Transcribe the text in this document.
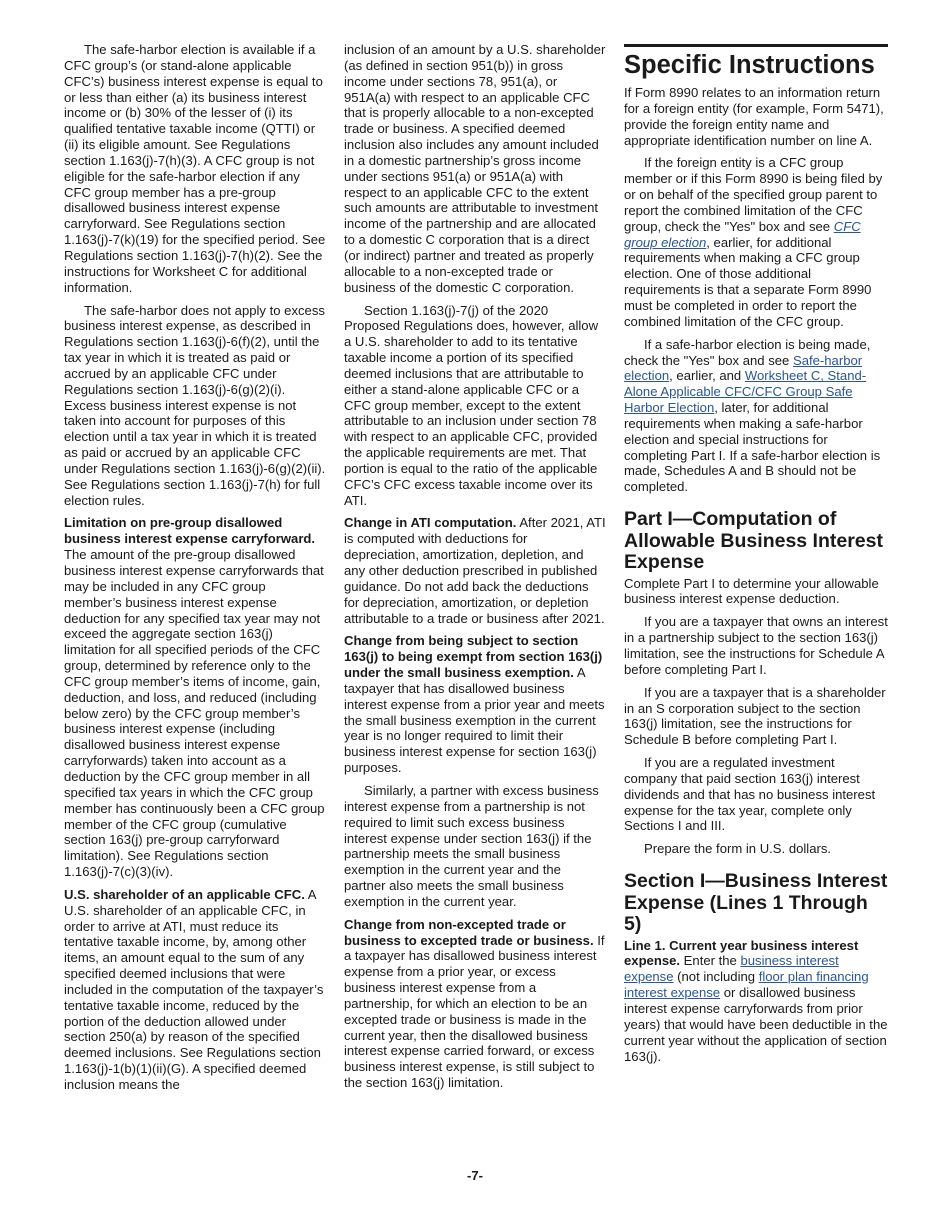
The safe-harbor election is available if a CFC group’s (or stand-alone applicable CFC’s) business interest expense is equal to or less than either (a) its business interest income or (b) 30% of the lesser of (i) its qualified tentative taxable income (QTTI) or (ii) its eligible amount. See Regulations section 1.163(j)-7(h)(3). A CFC group is not eligible for the safe-harbor election if any CFC group member has a pre-group disallowed business interest expense carryforward. See Regulations section 1.163(j)-7(k)(19) for the specified period. See Regulations section 1.163(j)-7(h)(2). See the instructions for Worksheet C for additional information.

The safe-harbor does not apply to excess business interest expense, as described in Regulations section 1.163(j)-6(f)(2), until the tax year in which it is treated as paid or accrued by an applicable CFC under Regulations section 1.163(j)-6(g)(2)(i). Excess business interest expense is not taken into account for purposes of this election until a tax year in which it is treated as paid or accrued by an applicable CFC under Regulations section 1.163(j)-6(g)(2)(ii). See Regulations section 1.163(j)-7(h) for full election rules.

Limitation on pre-group disallowed business interest expense carryforward. The amount of the pre-group disallowed business interest expense carryforwards that may be included in any CFC group member’s business interest expense deduction for any specified tax year may not exceed the aggregate section 163(j) limitation for all specified periods of the CFC group, determined by reference only to the CFC group member’s items of income, gain, deduction, and loss, and reduced (including below zero) by the CFC group member’s business interest expense (including disallowed business interest expense carryforwards) taken into account as a deduction by the CFC group member in all specified tax years in which the CFC group member has continuously been a CFC group member of the CFC group (cumulative section 163(j) pre-group carryforward limitation). See Regulations section 1.163(j)-7(c)(3)(iv).

U.S. shareholder of an applicable CFC. A U.S. shareholder of an applicable CFC, in order to arrive at ATI, must reduce its tentative taxable income, by, among other items, an amount equal to the sum of any specified deemed inclusions that were included in the computation of the taxpayer’s tentative taxable income, reduced by the portion of the deduction allowed under section 250(a) by reason of the specified deemed inclusions. See Regulations section 1.163(j)-1(b)(1)(ii)(G). A specified deemed inclusion means the

inclusion of an amount by a U.S. shareholder (as defined in section 951(b)) in gross income under sections 78, 951(a), or 951A(a) with respect to an applicable CFC that is properly allocable to a non-excepted trade or business. A specified deemed inclusion also includes any amount included in a domestic partnership’s gross income under sections 951(a) or 951A(a) with respect to an applicable CFC to the extent such amounts are attributable to investment income of the partnership and are allocated to a domestic C corporation that is a direct (or indirect) partner and treated as properly allocable to a non-excepted trade or business of the domestic C corporation.

Section 1.163(j)-7(j) of the 2020 Proposed Regulations does, however, allow a U.S. shareholder to add to its tentative taxable income a portion of its specified deemed inclusions that are attributable to either a stand-alone applicable CFC or a CFC group member, except to the extent attributable to an inclusion under section 78 with respect to an applicable CFC, provided the applicable requirements are met. That portion is equal to the ratio of the applicable CFC’s CFC excess taxable income over its ATI.

Change in ATI computation. After 2021, ATI is computed with deductions for depreciation, amortization, depletion, and any other deduction prescribed in published guidance. Do not add back the deductions for depreciation, amortization, or depletion attributable to a trade or business after 2021.

Change from being subject to section 163(j) to being exempt from section 163(j) under the small business exemption. A taxpayer that has disallowed business interest expense from a prior year and meets the small business exemption in the current year is no longer required to limit their business interest expense for section 163(j) purposes.

Similarly, a partner with excess business interest expense from a partnership is not required to limit such excess business interest expense under section 163(j) if the partnership meets the small business exemption in the current year and the partner also meets the small business exemption in the current year.

Change from non-excepted trade or business to excepted trade or business. If a taxpayer has disallowed business interest expense from a prior year, or excess business interest expense from a partnership, for which an election to be an excepted trade or business is made in the current year, then the disallowed business interest expense carried forward, or excess business interest expense, is still subject to the section 163(j) limitation.

Specific Instructions

If Form 8990 relates to an information return for a foreign entity (for example, Form 5471), provide the foreign entity name and appropriate identification number on line A.

If the foreign entity is a CFC group member or if this Form 8990 is being filed by or on behalf of the specified group parent to report the combined limitation of the CFC group, check the "Yes" box and see CFC group election, earlier, for additional requirements when making a CFC group election. One of those additional requirements is that a separate Form 8990 must be completed in order to report the combined limitation of the CFC group.

If a safe-harbor election is being made, check the "Yes" box and see Safe-harbor election, earlier, and Worksheet C, Stand-Alone Applicable CFC/CFC Group Safe Harbor Election, later, for additional requirements when making a safe-harbor election and special instructions for completing Part I. If a safe-harbor election is made, Schedules A and B should not be completed.

Part I—Computation of Allowable Business Interest Expense

Complete Part I to determine your allowable business interest expense deduction.

If you are a taxpayer that owns an interest in a partnership subject to the section 163(j) limitation, see the instructions for Schedule A before completing Part I.

If you are a taxpayer that is a shareholder in an S corporation subject to the section 163(j) limitation, see the instructions for Schedule B before completing Part I.

If you are a regulated investment company that paid section 163(j) interest dividends and that has no business interest expense for the tax year, complete only Sections I and III.

Prepare the form in U.S. dollars.

Section I—Business Interest Expense (Lines 1 Through 5)

Line 1. Current year business interest expense. Enter the business interest expense (not including floor plan financing interest expense or disallowed business interest expense carryforwards from prior years) that would have been deductible in the current year without the application of section 163(j).

-7-
